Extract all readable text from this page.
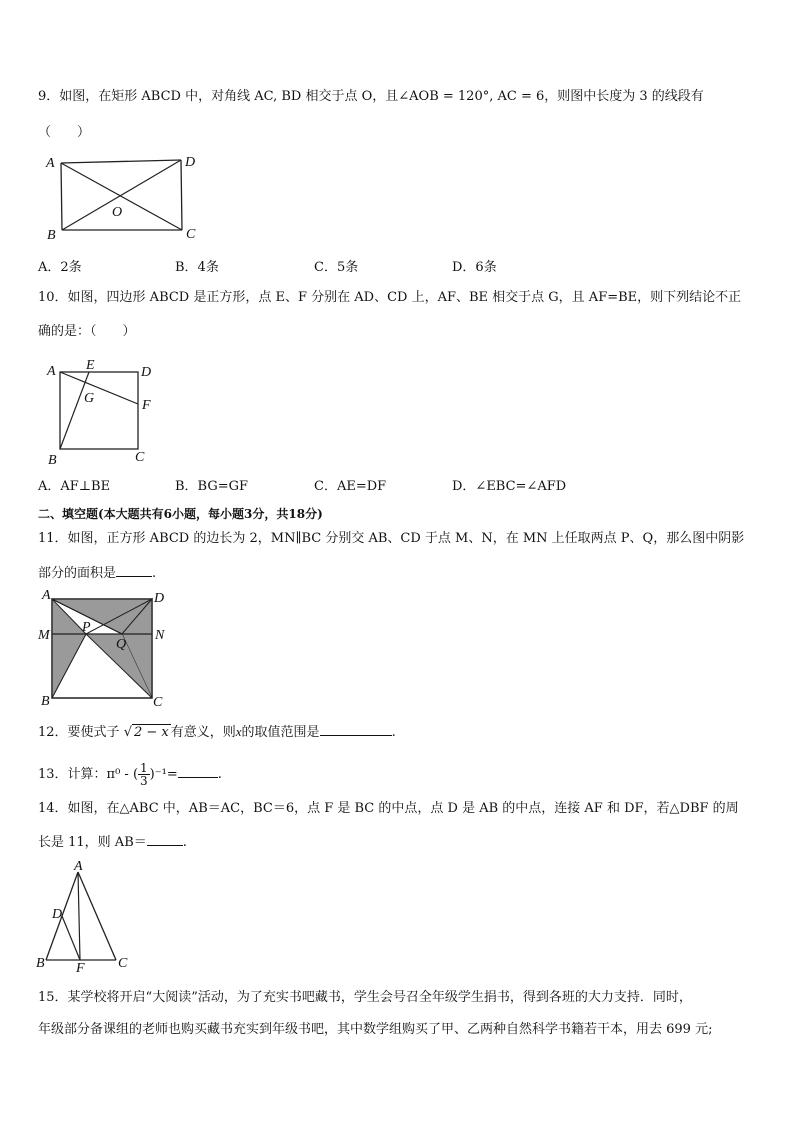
9．如图，在矩形 ABCD 中，对角线 AC, BD 相交于点 O，且∠AOB = 120°, AC = 6，则图中长度为 3 的线段有
（　　）
A	D
B	C
O
A．2条	B．4条	C．5条	D．6条
10．如图，四边形 ABCD 是正方形，点 E、F 分别在 AD、CD 上，AF、BE 相交于点 G，且 AF=BE，则下列结论不正
确的是：（　　）
A E	D
G	F
B	C
A．AF⊥BE	B．BG=GF	C．AE=DF	D．∠EBC=∠AFD
二、填空题(本大题共有6小题，每小题3分，共18分)
11．如图，正方形 ABCD 的边长为 2，MN∥BC 分别交 AB、CD 于点 M、N，在 MN 上任取两点 P、Q，那么图中阴影
部分的面积是	.
A	D
M	N
P
Q
B	C
12．要使式子 √ 2 − x 有意义，则x的取值范围是	.
13．计算：π⁰ - ( $\frac{1}{3} )^{-1}=$	.
14．如图，在△ABC 中，AB＝AC，BC＝6，点 F 是 BC 的中点，点 D 是 AB 的中点，连接 AF 和 DF，若△DBF 的周
长是 11，则 AB＝	.
A
D
B F C
15．某学校将开启“大阅读”活动，为了充实书吧藏书，学生会号召全年级学生捐书，得到各班的大力支持．同时，
年级部分备课组的老师也购买藏书充实到年级书吧，其中数学组购买了甲、乙两种自然科学书籍若干本，用去 699 元;
